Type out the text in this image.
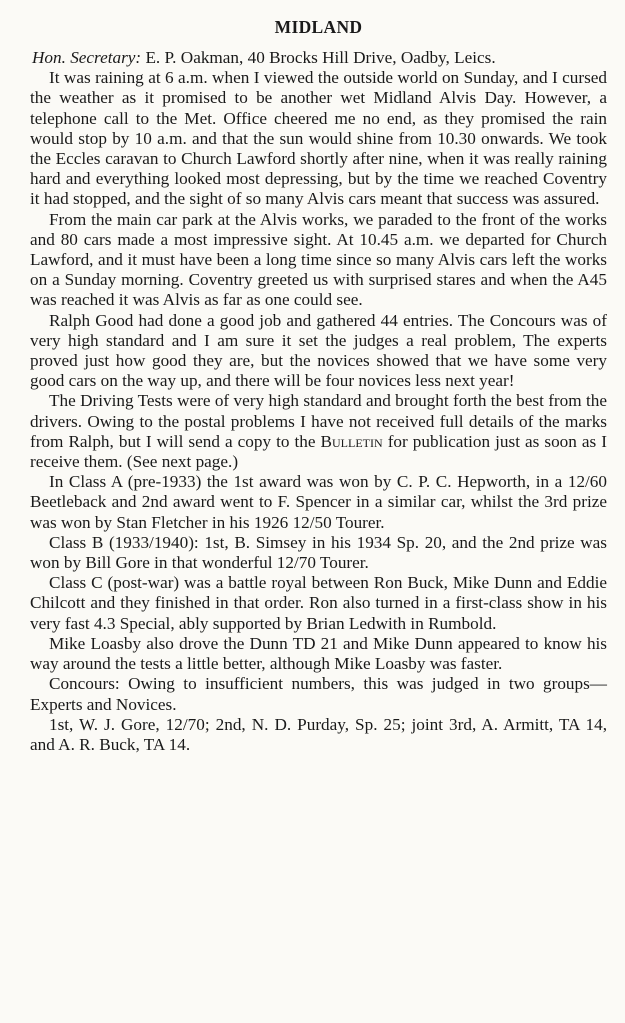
MIDLAND

Hon. Secretary: E. P. Oakman, 40 Brocks Hill Drive, Oadby, Leics.

It was raining at 6 a.m. when I viewed the outside world on Sunday, and I cursed the weather as it promised to be another wet Midland Alvis Day. However, a telephone call to the Met. Office cheered me no end, as they promised the rain would stop by 10 a.m. and that the sun would shine from 10.30 onwards. We took the Eccles caravan to Church Lawford shortly after nine, when it was really raining hard and everything looked most depressing, but by the time we reached Coventry it had stopped, and the sight of so many Alvis cars meant that success was assured.

From the main car park at the Alvis works, we paraded to the front of the works and 80 cars made a most impressive sight. At 10.45 a.m. we departed for Church Lawford, and it must have been a long time since so many Alvis cars left the works on a Sunday morning. Coventry greeted us with surprised stares and when the A45 was reached it was Alvis as far as one could see.

Ralph Good had done a good job and gathered 44 entries. The Concours was of very high standard and I am sure it set the judges a real problem, The experts proved just how good they are, but the novices showed that we have some very good cars on the way up, and there will be four novices less next year!

The Driving Tests were of very high standard and brought forth the best from the drivers. Owing to the postal problems I have not received full details of the marks from Ralph, but I will send a copy to the Bulletin for publication just as soon as I receive them. (See next page.)

In Class A (pre-1933) the 1st award was won by C. P. C. Hepworth, in a 12/60 Beetleback and 2nd award went to F. Spencer in a similar car, whilst the 3rd prize was won by Stan Fletcher in his 1926 12/50 Tourer.

Class B (1933/1940): 1st, B. Simsey in his 1934 Sp. 20, and the 2nd prize was won by Bill Gore in that wonderful 12/70 Tourer.

Class C (post-war) was a battle royal between Ron Buck, Mike Dunn and Eddie Chilcott and they finished in that order. Ron also turned in a first-class show in his very fast 4.3 Special, ably supported by Brian Ledwith in Rumbold.

Mike Loasby also drove the Dunn TD 21 and Mike Dunn appeared to know his way around the tests a little better, although Mike Loasby was faster.

Concours: Owing to insufficient numbers, this was judged in two groups—Experts and Novices.

1st, W. J. Gore, 12/70; 2nd, N. D. Purday, Sp. 25; joint 3rd, A. Armitt, TA 14, and A. R. Buck, TA 14.
